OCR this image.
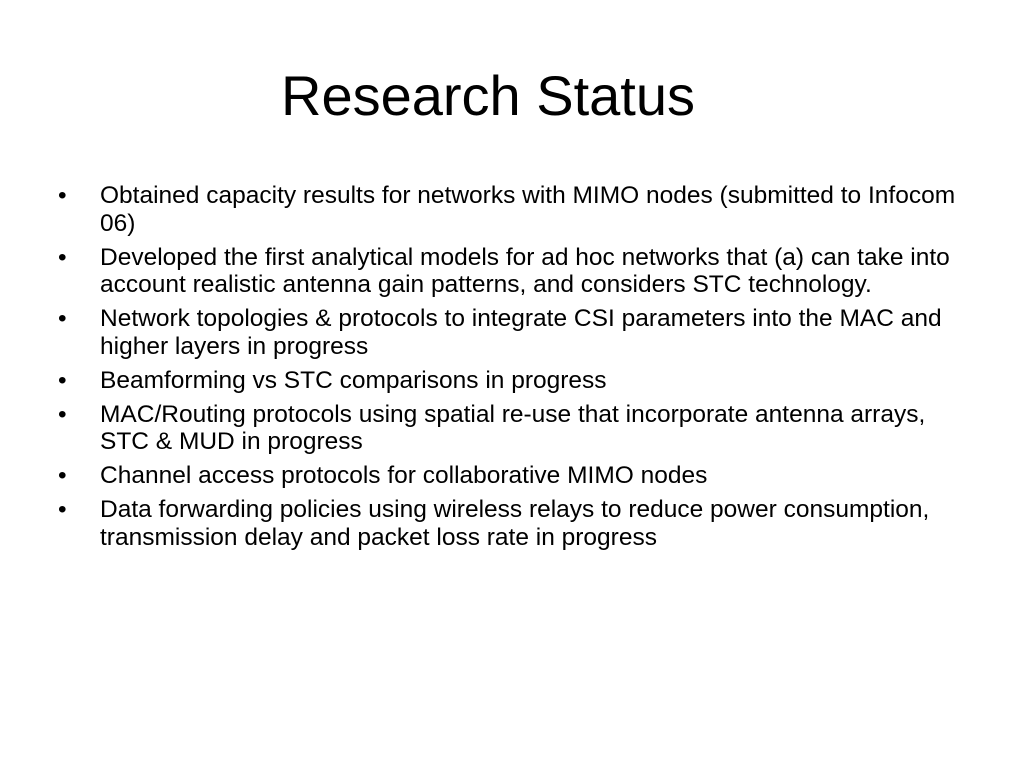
Research Status
•	Obtained capacity results for networks with MIMO nodes (submitted to Infocom 06)
•	Developed the first analytical models for ad hoc networks that (a) can take into account realistic antenna gain patterns, and considers STC technology.
•	Network topologies & protocols to integrate CSI parameters into the MAC and higher layers in progress
•	Beamforming vs STC comparisons in progress
•	MAC/Routing protocols using spatial re-use that incorporate antenna arrays, STC & MUD in progress
•	Channel access protocols for collaborative MIMO nodes
•	Data forwarding policies using wireless relays to reduce power consumption, transmission delay and packet loss rate in progress
